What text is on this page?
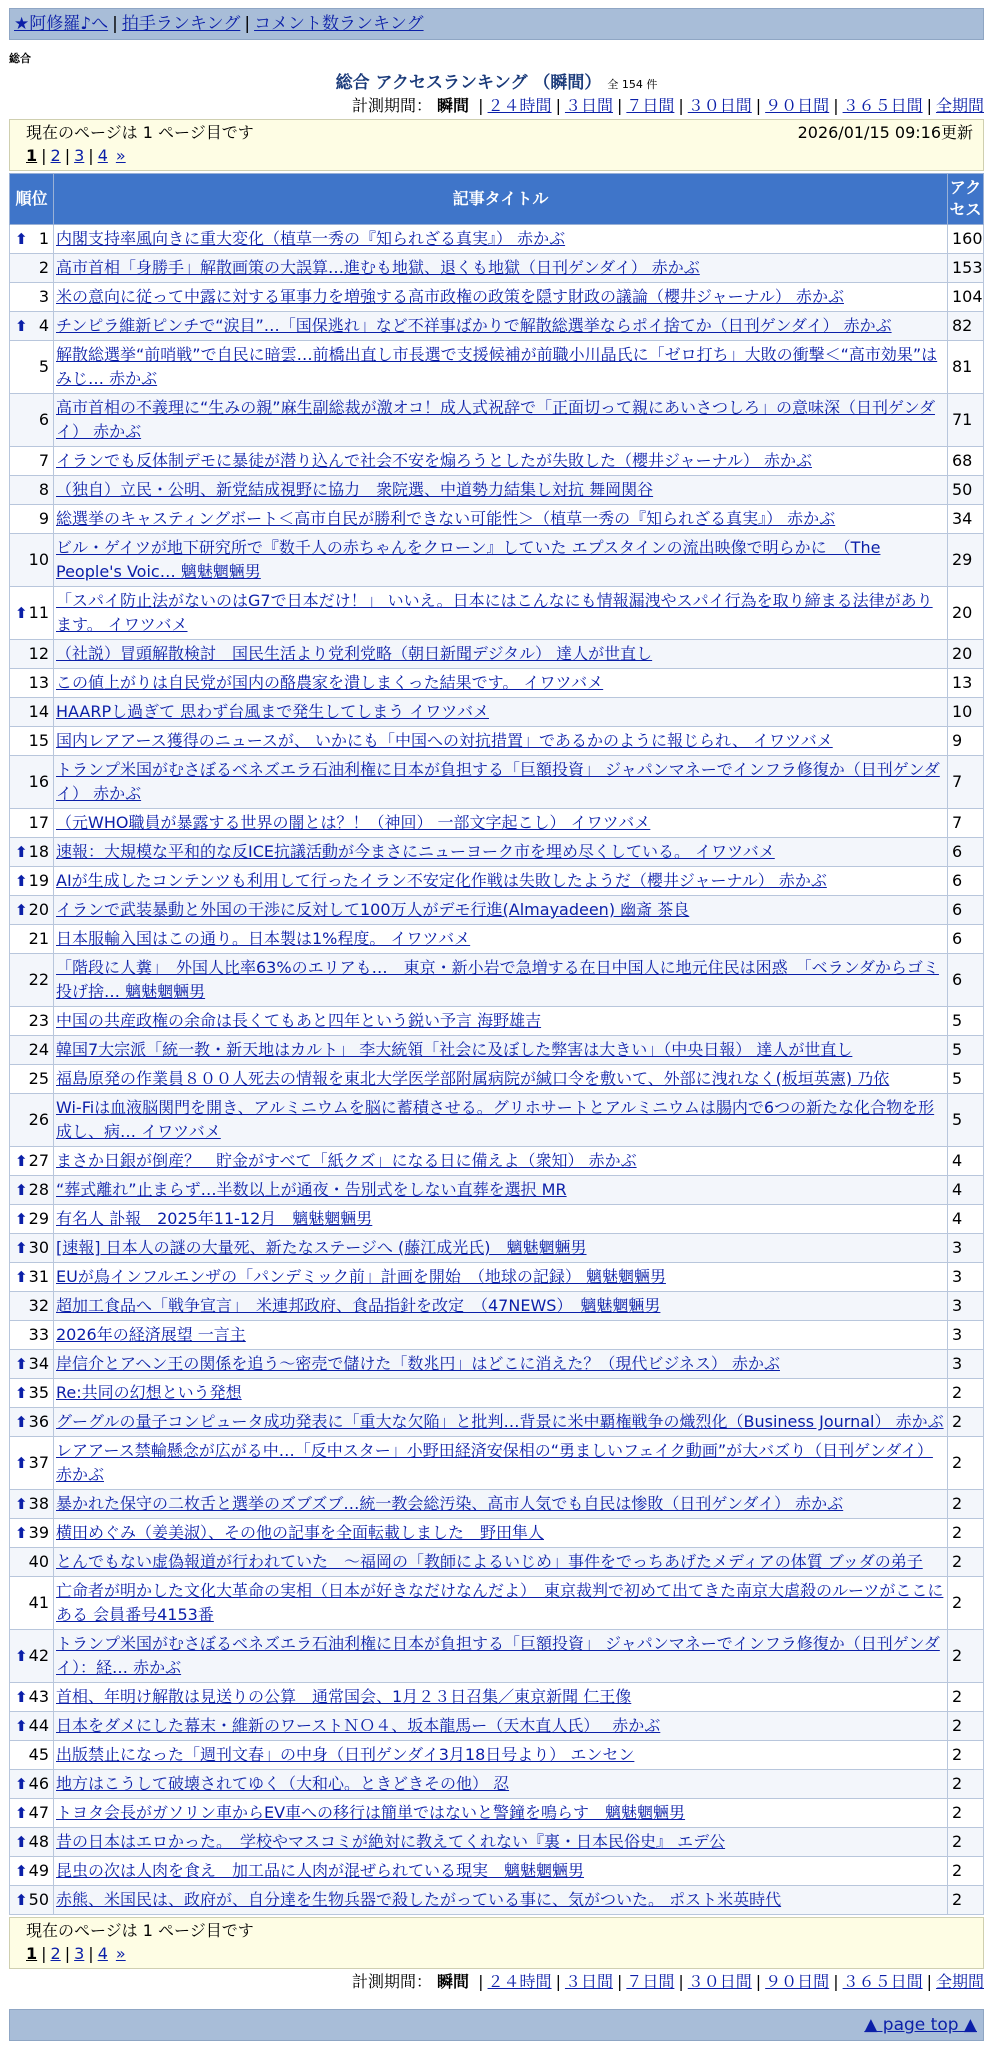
★阿修羅♪へ | 拍手ランキング | コメント数ランキング
総合
総合 アクセスランキング （瞬間） 全 154 件
計測期間： 瞬間 | ２４時間 | ３日間 | ７日間 | ３０日間 | ９０日間 | ３６５日間 | 全期間
現在のページは 1 ページ目です	2026/01/15 09:16更新
1 | 2 | 3 | 4 »
順位	記事タイトル	アクセス

⬆ 1	内閣支持率風向きに重大変化（植草一秀の『知られざる真実』） 赤かぶ	160
2	高市首相「身勝手」解散画策の大誤算…進むも地獄、退くも地獄（日刊ゲンダイ） 赤かぶ	153
3	米の意向に従って中露に対する軍事力を増強する高市政権の政策を隠す財政の議論（櫻井ジャーナル） 赤かぶ	104

⬆ 4	チンピラ維新ピンチで“涙目”…「国保逃れ」など不祥事ばかりで解散総選挙ならポイ捨てか（日刊ゲンダイ） 赤かぶ	82
5	解散総選挙“前哨戦”で自民に暗雲…前橋出直し市長選で支援候補が前職小川晶氏に「ゼロ打ち」大敗の衝撃＜“高市効果”はみじ… 赤かぶ	81
6	高市首相の不義理に“生みの親”麻生副総裁が激オコ！成人式祝辞で「正面切って親にあいさつしろ」の意味深（日刊ゲンダイ） 赤かぶ	71
7	イランでも反体制デモに暴徒が潜り込んで社会不安を煽ろうとしたが失敗した（櫻井ジャーナル） 赤かぶ	68
8	（独自）立民・公明、新党結成視野に協力　衆院選、中道勢力結集し対抗 舞岡関谷	50
9	総選挙のキャスティングボート＜高市自民が勝利できない可能性＞（植草一秀の『知られざる真実』） 赤かぶ	34
10	ビル・ゲイツが地下研究所で『数千人の赤ちゃんをクローン』していた エプスタインの流出映像で明らかに　（The People's Voic… 魑魅魍魎男	29

⬆ 11	「スパイ防止法がないのはG7で日本だけ！」 いいえ。日本にはこんなにも情報漏洩やスパイ行為を取り締まる法律があります。 イワツバメ	20
12	（社説）冒頭解散検討　国民生活より党利党略（朝日新聞デジタル） 達人が世直し	20
13	この値上がりは自民党が国内の酪農家を潰しまくった結果です。 イワツバメ	13
14	HAARPし過ぎて 思わず台風まで発生してしまう イワツバメ	10
15	国内レアアース獲得のニュースが、 いかにも「中国への対抗措置」であるかのように報じられ、 イワツバメ	9
16	トランプ米国がむさぼるベネズエラ石油利権に日本が負担する「巨額投資」 ジャパンマネーでインフラ修復か（日刊ゲンダイ） 赤かぶ	7
17	（元WHO職員が暴露する世界の闇とは？！（神回） 一部文字起こし） イワツバメ	7

⬆ 18	速報：大規模な平和的な反ICE抗議活動が今まさにニューヨーク市を埋め尽くしている。 イワツバメ	6

⬆ 19	AIが生成したコンテンツも利用して行ったイラン不安定化作戦は失敗したようだ（櫻井ジャーナル） 赤かぶ	6

⬆ 20	イランで武装暴動と外国の干渉に反対して100万人がデモ行進(Almayadeen) 幽斎 茶良	6
21	日本服輸入国はこの通り。日本製は1%程度。 イワツバメ	6
22	「階段に人糞」　外国人比率63%のエリアも…　東京・新小岩で急増する在日中国人に地元住民は困惑　「ベランダからゴミ投げ捨… 魑魅魍魎男	6
23	中国の共産政権の余命は長くてもあと四年という鋭い予言 海野雄吉	5
24	韓国7大宗派「統一教・新天地はカルト」 李大統領「社会に及ぼした弊害は大きい」（中央日報） 達人が世直し	5
25	福島原発の作業員８００人死去の情報を東北大学医学部附属病院が緘口令を敷いて、外部に洩れなく(板垣英憲) 乃依	5
26	Wi-Fiは血液脳関門を開き、アルミニウムを脳に蓄積させる。グリホサートとアルミニウムは腸内で6つの新たな化合物を形成し、病… イワツバメ	5

⬆ 27	まさか日銀が倒産？　貯金がすべて「紙クズ」になる日に備えよ（衆知） 赤かぶ	4

⬆ 28	“葬式離れ”止まらず…半数以上が通夜・告別式をしない直葬を選択 MR	4

⬆ 29	有名人 訃報　2025年11-12月　魑魅魍魎男	4

⬆ 30	[速報] 日本人の謎の大量死、新たなステージへ (藤江成光氏)　魑魅魍魎男	3

⬆ 31	EUが鳥インフルエンザの「パンデミック前」計画を開始　（地球の記録） 魑魅魍魎男	3
32	超加工食品へ「戦争宣言」　米連邦政府、食品指針を改定　（47NEWS）　魑魅魍魎男	3
33	2026年の経済展望 一言主	3

⬆ 34	岸信介とアヘン王の関係を追う〜密売で儲けた「数兆円」はどこに消えた？（現代ビジネス） 赤かぶ	3

⬆ 35	Re:共同の幻想という発想	2

⬆ 36	グーグルの量子コンピュータ成功発表に「重大な欠陥」と批判…背景に米中覇権戦争の熾烈化（Business Journal） 赤かぶ	2

⬆ 37	レアアース禁輸懸念が広がる中…「反中スター」小野田経済安保相の“勇ましいフェイク動画”が大バズり（日刊ゲンダイ） 赤かぶ	2

⬆ 38	暴かれた保守の二枚舌と選挙のズブズブ…統一教会総汚染、高市人気でも自民は惨敗（日刊ゲンダイ） 赤かぶ	2

⬆ 39	横田めぐみ（姜美淑）、その他の記事を全面転載しました　野田隼人	2
40	とんでもない虚偽報道が行われていた　〜福岡の「教師によるいじめ」事件をでっちあげたメディアの体質 ブッダの弟子	2
41	亡命者が明かした文化大革命の実相（日本が好きなだけなんだよ）　東京裁判で初めて出てきた南京大虐殺のルーツがここにある 会員番号4153番	2

⬆ 42	トランプ米国がむさぼるベネズエラ石油利権に日本が負担する「巨額投資」 ジャパンマネーでインフラ修復か（日刊ゲンダイ）：経… 赤かぶ	2

⬆ 43	首相、年明け解散は見送りの公算　通常国会、1月２３日召集／東京新聞 仁王像	2

⬆ 44	日本をダメにした幕末・維新のワーストＮＯ４、坂本龍馬ー（天木直人氏）　 赤かぶ	2
45	出版禁止になった「週刊文春」の中身（日刊ゲンダイ3月18日号より） エンセン	2

⬆ 46	地方はこうして破壊されてゆく（大和心。ときどきその他） 忍	2

⬆ 47	トヨタ会長がガソリン車からEV車への移行は簡単ではないと警鐘を鳴らす　魑魅魍魎男	2

⬆ 48	昔の日本はエロかった。　学校やマスコミが絶対に教えてくれない『裏・日本民俗史』 エデ公	2

⬆ 49	昆虫の次は人肉を食え　加工品に人肉が混ぜられている現実　魑魅魍魎男	2

⬆ 50	赤熊、米国民は、政府が、自分達を生物兵器で殺したがっている事に、気がついた。 ポスト米英時代	2
現在のページは 1 ページ目です
1 | 2 | 3 | 4 »
計測期間： 瞬間 | ２４時間 | ３日間 | ７日間 | ３０日間 | ９０日間 | ３６５日間 | 全期間
▲ page top ▲
